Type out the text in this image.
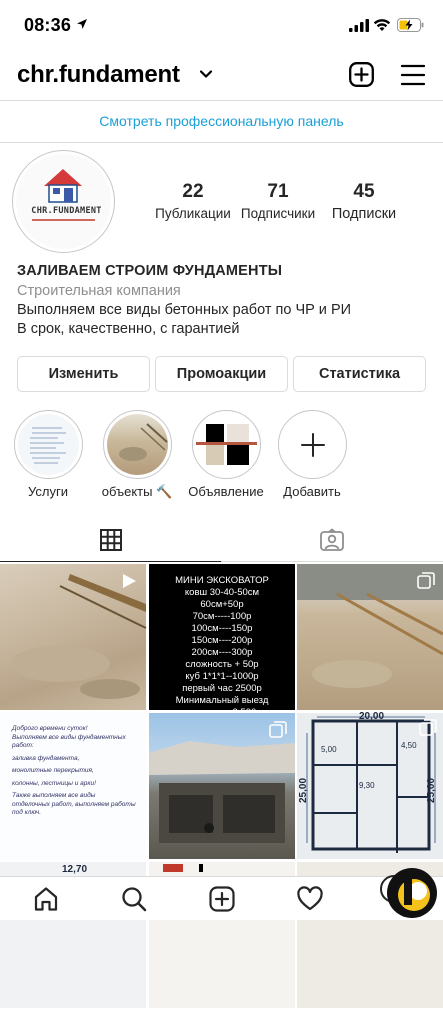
08:36
chr.fundament
Смотреть профессиональную панель
CHR.FUNDAMENT
22
Публикации
71
Подписчики
45
Подписки
ЗАЛИВАЕМ СТРОИМ ФУНДАМЕНТЫ
Строительная компания
Выполняем все виды бетонных работ по ЧР и РИ
В срок, качественно, с гарантией
Изменить	Промоакции	Статистика
Услуги	объекты 🔨	Объявление	Добавить
МИНИ ЭКСКОВАТОР
ковш 30-40-50см
60см+50р
70см-----100р
100см----150р
150см----200р
200см----300р
сложность + 50р
куб 1*1*1--1000р
первый час 2500р
Минимальный выезд
Доброго времени суток!
Выполняем все виды фундаментных
работ:
заливка фундамента,
монолитные перекрытия,
колонны, лестницы и арки!
Также выполняем все виды
отделочных работ, выполняем работы
под ключ.
20,00
25,00	25,00
9,30
5,00	4,50
12,70
